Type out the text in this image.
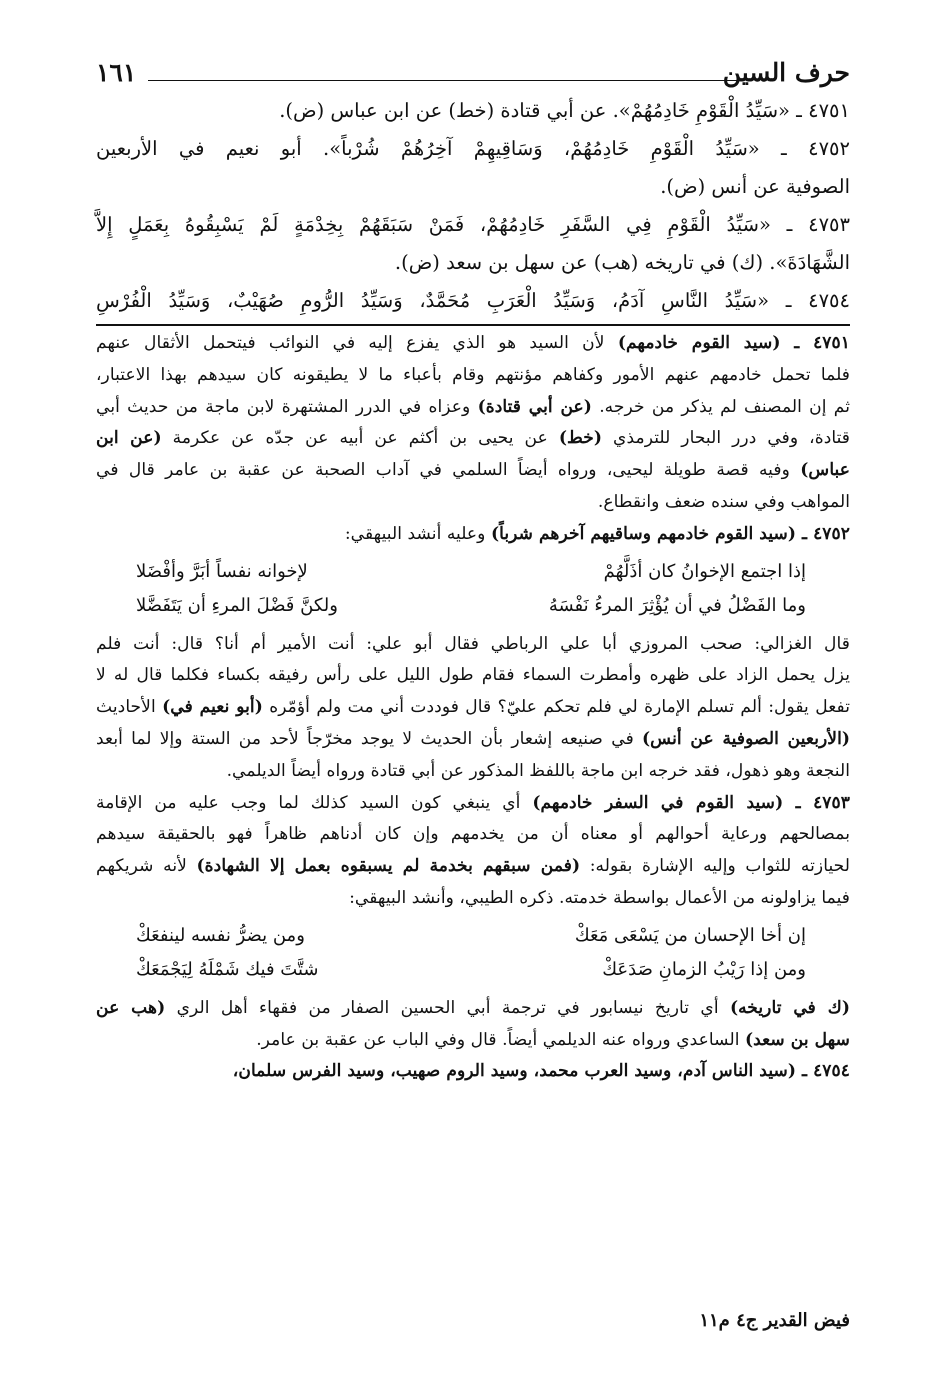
حرف السين
١٦١

٤٧٥١ ـ «سَيِّدُ الْقَوْمِ خَادِمُهُمْ». عن أبي قتادة (خط) عن ابن عباس (ض).

٤٧٥٢ ـ «سَيِّدُ الْقَوْمِ خَادِمُهُمْ، وَسَاقِيهِمْ آخِرُهُمْ شُرْباً». أبو نعيم في الأربعين

الصوفية عن أنس (ض).

٤٧٥٣ ـ «سَيِّدُ الْقَوْمِ فِي السَّفَرِ خَادِمُهُمْ، فَمَنْ سَبَقَهُمْ بِخِدْمَةٍ لَمْ يَسْبِقُوهُ بِعَمَلٍ إِلاَّ

الشَّهَادَةَ». (ك) في تاريخه (هب) عن سهل بن سعد (ض).

٤٧٥٤ ـ «سَيِّدُ النَّاسِ آدَمُ، وَسَيِّدُ الْعَرَبِ مُحَمَّدٌ، وَسَيِّدُ الرُّومِ صُهَيْبٌ، وَسَيِّدُ الْفُرْسِ

٤٧٥١ ـ (سيد القوم خادمهم) لأن السيد هو الذي يفزع إليه في النوائب فيتحمل الأثقال عنهم

فلما تحمل خادمهم عنهم الأمور وكفاهم مؤنتهم وقام بأعباء ما لا يطيقونه كان سيدهم بهذا الاعتبار،

ثم إن المصنف لم يذكر من خرجه. (عن أبي قتادة) وعزاه في الدرر المشتهرة لابن ماجة من حديث أبي

قتادة، وفي درر البحار للترمذي (خط) عن يحيى بن أكثم عن أبيه عن جدّه عن عكرمة (عن ابن

عباس) وفيه قصة طويلة ليحيى، ورواه أيضاً السلمي في آداب الصحبة عن عقبة بن عامر قال في

المواهب وفي سنده ضعف وانقطاع.

٤٧٥٢ ـ (سيد القوم خادمهم وساقيهم آخرهم شرباً) وعليه أنشد البيهقي:

إذا اجتمع الإخوانُ كان أذَلَّهُمْ
لإخوانه نفساً أبَرَّ وأفْضَلا
وما الفَضْلُ في أن يُؤْثِرَ المرءُ نَفْسَهُ
ولكنَّ فَضْلَ المرءِ أن يَتَفَضَّلا

قال الغزالي: صحب المروزي أبا علي الرباطي فقال أبو علي: أنت الأمير أم أنا؟ قال: أنت فلم

يزل يحمل الزاد على ظهره وأمطرت السماء فقام طول الليل على رأس رفيقه بكساء فكلما قال له لا

تفعل يقول: ألم تسلم الإمارة لي فلم تحكم عليّ؟ قال فوددت أني مت ولم أؤمّره (أبو نعيم في) الأحاديث

(الأربعين الصوفية عن أنس) في صنيعه إشعار بأن الحديث لا يوجد مخرّجاً لأحد من الستة وإلا لما أبعد

النجعة وهو ذهول، فقد خرجه ابن ماجة باللفظ المذكور عن أبي قتادة ورواه أيضاً الديلمي.

٤٧٥٣ ـ (سيد القوم في السفر خادمهم) أي ينبغي كون السيد كذلك لما وجب عليه من الإقامة

بمصالحهم ورعاية أحوالهم أو معناه أن من يخدمهم وإن كان أدناهم ظاهراً فهو بالحقيقة سيدهم

لحيازته للثواب وإليه الإشارة بقوله: (فمن سبقهم بخدمة لم يسبقوه بعمل إلا الشهادة) لأنه شريكهم

فيما يزاولونه من الأعمال بواسطة خدمته. ذكره الطيبي، وأنشد البيهقي:

إن أخا الإحسان من يَسْعَى مَعَكْ
ومن يضرُّ نفسه لينفعَكْ
ومن إذا رَيْبُ الزمانِ صَدَعَكْ
شتَّتَ فيك شَمْلَهُ لِيَجْمَعَكْ

(ك في تاريخه) أي تاريخ نيسابور في ترجمة أبي الحسين الصفار من فقهاء أهل الري (هب عن

سهل بن سعد) الساعدي ورواه عنه الديلمي أيضاً. قال وفي الباب عن عقبة بن عامر.

٤٧٥٤ ـ (سيد الناس آدم، وسيد العرب محمد، وسيد الروم صهيب، وسيد الفرس سلمان،

فيض القدير ج٤ م١١
